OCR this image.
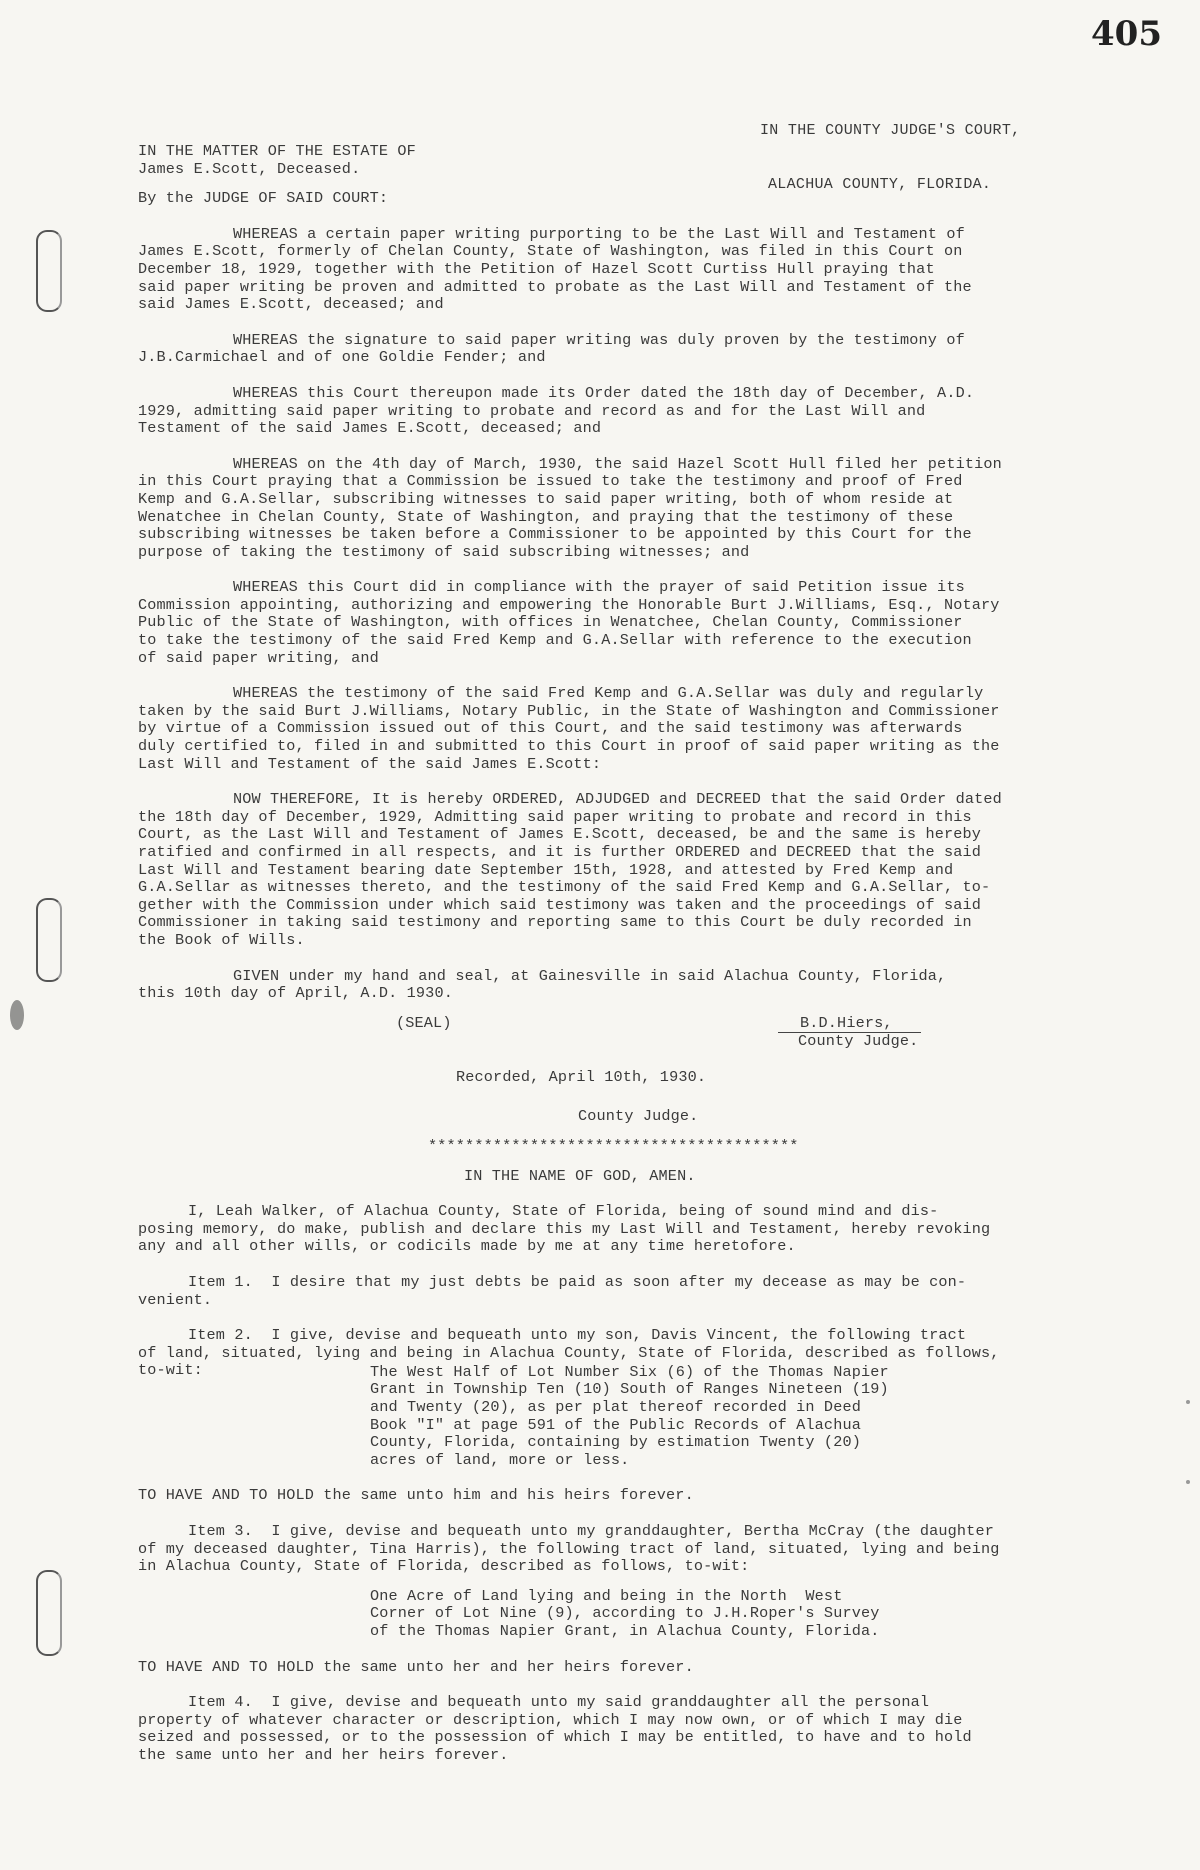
405

IN THE COUNTY JUDGE'S COURT,

ALACHUA COUNTY, FLORIDA.

IN THE MATTER OF THE ESTATE OF
James E.Scott, Deceased.
By the JUDGE OF SAID COURT:
WHEREAS a certain paper writing purporting to be the Last Will and Testament of
James E.Scott, formerly of Chelan County, State of Washington, was filed in this Court on
December 18, 1929, together with the Petition of Hazel Scott Curtiss Hull praying that
said paper writing be proven and admitted to probate as the Last Will and Testament of the
said James E.Scott, deceased; and
WHEREAS the signature to said paper writing was duly proven by the testimony of
J.B.Carmichael and of one Goldie Fender; and
WHEREAS this Court thereupon made its Order dated the 18th day of December, A.D.
1929, admitting said paper writing to probate and record as and for the Last Will and
Testament of the said James E.Scott, deceased; and
WHEREAS on the 4th day of March, 1930, the said Hazel Scott Hull filed her petition
in this Court praying that a Commission be issued to take the testimony and proof of Fred
Kemp and G.A.Sellar, subscribing witnesses to said paper writing, both of whom reside at
Wenatchee in Chelan County, State of Washington, and praying that the testimony of these
subscribing witnesses be taken before a Commissioner to be appointed by this Court for the
purpose of taking the testimony of said subscribing witnesses; and
WHEREAS this Court did in compliance with the prayer of said Petition issue its
Commission appointing, authorizing and empowering the Honorable Burt J.Williams, Esq., Notary
Public of the State of Washington, with offices in Wenatchee, Chelan County, Commissioner
to take the testimony of the said Fred Kemp and G.A.Sellar with reference to the execution
of said paper writing, and
WHEREAS the testimony of the said Fred Kemp and G.A.Sellar was duly and regularly
taken by the said Burt J.Williams, Notary Public, in the State of Washington and Commissioner
by virtue of a Commission issued out of this Court, and the said testimony was afterwards
duly certified to, filed in and submitted to this Court in proof of said paper writing as the
Last Will and Testament of the said James E.Scott:
NOW THEREFORE, It is hereby ORDERED, ADJUDGED and DECREED that the said Order dated
the 18th day of December, 1929, Admitting said paper writing to probate and record in this
Court, as the Last Will and Testament of James E.Scott, deceased, be and the same is hereby
ratified and confirmed in all respects, and it is further ORDERED and DECREED that the said
Last Will and Testament bearing date September 15th, 1928, and attested by Fred Kemp and
G.A.Sellar as witnesses thereto, and the testimony of the said Fred Kemp and G.A.Sellar, to-
gether with the Commission under which said testimony was taken and the proceedings of said
Commissioner in taking said testimony and reporting same to this Court be duly recorded in
the Book of Wills.
GIVEN under my hand and seal, at Gainesville in said Alachua County, Florida,
this 10th day of April, A.D. 1930.
(SEAL)	B.D.Hiers,
County Judge.
Recorded, April 10th, 1930.
County Judge.
****************************************
IN THE NAME OF GOD, AMEN.
I, Leah Walker, of Alachua County, State of Florida, being of sound mind and dis-
posing memory, do make, publish and declare this my Last Will and Testament, hereby revoking
any and all other wills, or codicils made by me at any time heretofore.
Item 1.  I desire that my just debts be paid as soon after my decease as may be con-
venient.
Item 2.  I give, devise and bequeath unto my son, Davis Vincent, the following tract
of land, situated, lying and being in Alachua County, State of Florida, described as follows,
to-wit:	The West Half of Lot Number Six (6) of the Thomas Napier
Grant in Township Ten (10) South of Ranges Nineteen (19)
and Twenty (20), as per plat thereof recorded in Deed
Book "I" at page 591 of the Public Records of Alachua
County, Florida, containing by estimation Twenty (20)
acres of land, more or less.
TO HAVE AND TO HOLD the same unto him and his heirs forever.
Item 3.  I give, devise and bequeath unto my granddaughter, Bertha McCray (the daughter
of my deceased daughter, Tina Harris), the following tract of land, situated, lying and being
in Alachua County, State of Florida, described as follows, to-wit:
One Acre of Land lying and being in the North  West
Corner of Lot Nine (9), according to J.H.Roper's Survey
of the Thomas Napier Grant, in Alachua County, Florida.
TO HAVE AND TO HOLD the same unto her and her heirs forever.
Item 4.  I give, devise and bequeath unto my said granddaughter all the personal
property of whatever character or description, which I may now own, or of which I may die
seized and possessed, or to the possession of which I may be entitled, to have and to hold
the same unto her and her heirs forever.
